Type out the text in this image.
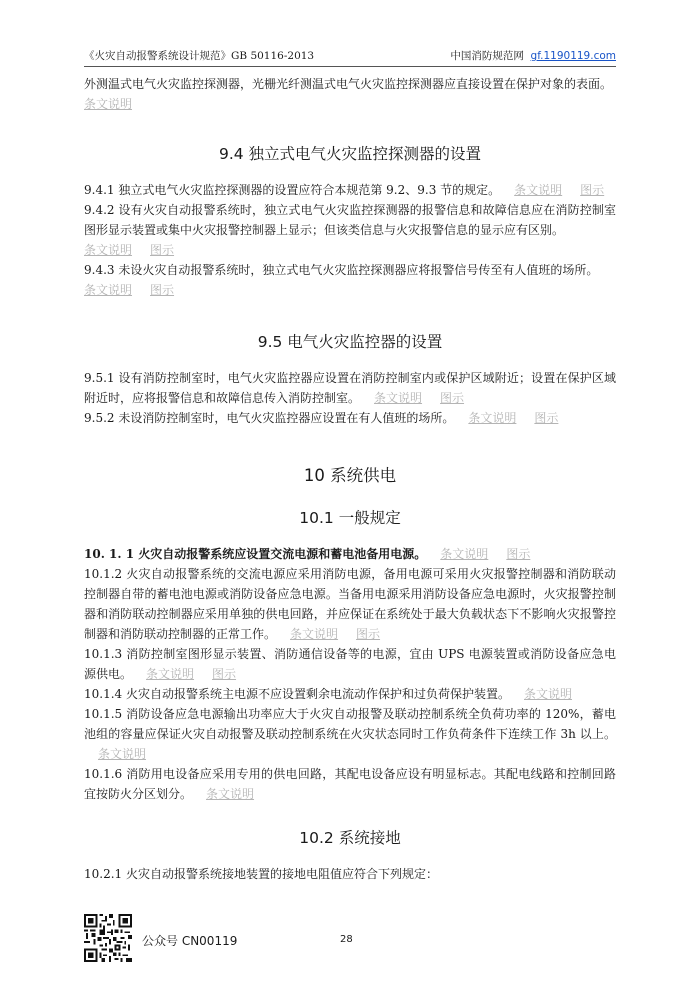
《火灾自动报警系统设计规范》GB 50116-2013	中国消防规范网 gf.1190119.com

外测温式电气火灾监控探测器，光栅光纤测温式电气火灾监控探测器应直接设置在保护对象的表面。
条文说明

9.4 独立式电气火灾监控探测器的设置

9.4.1 独立式电气火灾监控探测器的设置应符合本规范第 9.2、9.3 节的规定。 条文说明 图示

9.4.2 设有火灾自动报警系统时，独立式电气火灾监控探测器的报警信息和故障信息应在消防控制室图形显示装置或集中火灾报警控制器上显示；但该类信息与火灾报警信息的显示应有区别。
条文说明 图示

9.4.3 未设火灾自动报警系统时，独立式电气火灾监控探测器应将报警信号传至有人值班的场所。
条文说明 图示

9.5 电气火灾监控器的设置

9.5.1 设有消防控制室时，电气火灾监控器应设置在消防控制室内或保护区域附近；设置在保护区域附近时，应将报警信息和故障信息传入消防控制室。 条文说明 图示

9.5.2 未设消防控制室时，电气火灾监控器应设置在有人值班的场所。 条文说明 图示

10 系统供电
10.1 一般规定

10. 1. 1 火灾自动报警系统应设置交流电源和蓄电池备用电源。 条文说明 图示

10.1.2 火灾自动报警系统的交流电源应采用消防电源，备用电源可采用火灾报警控制器和消防联动控制器自带的蓄电池电源或消防设备应急电源。当备用电源采用消防设备应急电源时，火灾报警控制器和消防联动控制器应采用单独的供电回路，并应保证在系统处于最大负载状态下不影响火灾报警控制器和消防联动控制器的正常工作。 条文说明 图示

10.1.3 消防控制室图形显示装置、消防通信设备等的电源，宜由 UPS 电源装置或消防设备应急电源供电。 条文说明 图示

10.1.4 火灾自动报警系统主电源不应设置剩余电流动作保护和过负荷保护装置。 条文说明

10.1.5 消防设备应急电源输出功率应大于火灾自动报警及联动控制系统全负荷功率的 120%，蓄电池组的容量应保证火灾自动报警及联动控制系统在火灾状态同时工作负荷条件下连续工作 3h 以上。条文说明

10.1.6 消防用电设备应采用专用的供电回路，其配电设备应设有明显标志。其配电线路和控制回路宜按防火分区划分。 条文说明

10.2 系统接地

10.2.1 火灾自动报警系统接地装置的接地电阻值应符合下列规定：

公众号 CN00119	28
